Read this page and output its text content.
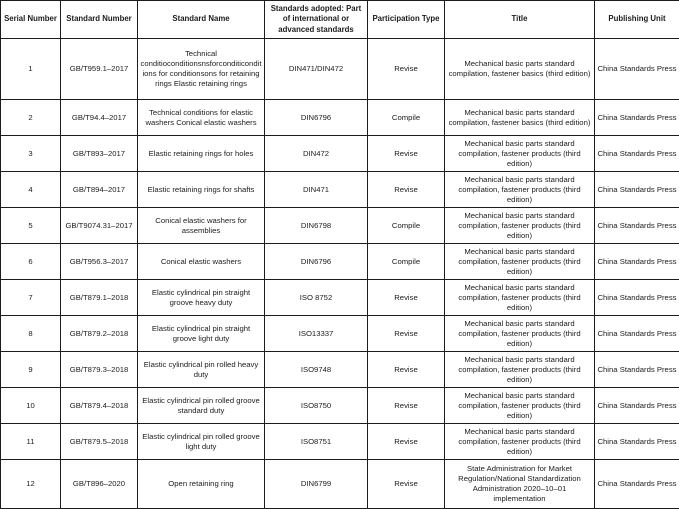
Serial Number	Standard Number	Standard Name	Standards adopted: Part of international or advanced standards	Participation Type	Title	Publishing Unit
1	GB/T959.1–2017	Technical conditioconditionsnsforconditiconditions for conditionsons for retaining rings Elastic retaining rings	DIN471/DIN472	Revise	Mechanical basic parts standard compilation, fastener basics (third edition)	China Standards Press
2	GB/T94.4–2017	Technical conditions for elastic washers Conical elastic washers	DIN6796	Compile	Mechanical basic parts standard compilation, fastener basics (third edition)	China Standards Press
3	GB/T893–2017	Elastic retaining rings for holes	DIN472	Revise	Mechanical basic parts standard compilation, fastener products (third edition)	China Standards Press
4	GB/T894–2017	Elastic retaining rings for shafts	DIN471	Revise	Mechanical basic parts standard compilation, fastener products (third edition)	China Standards Press
5	GB/T9074.31–2017	Conical elastic washers for assemblies	DIN6798	Compile	Mechanical basic parts standard compilation, fastener products (third edition)	China Standards Press
6	GB/T956.3–2017	Conical elastic washers	DIN6796	Compile	Mechanical basic parts standard compilation, fastener products (third edition)	China Standards Press
7	GB/T879.1–2018	Elastic cylindrical pin straight groove heavy duty	ISO 8752	Revise	Mechanical basic parts standard compilation, fastener products (third edition)	China Standards Press
8	GB/T879.2–2018	Elastic cylindrical pin straight groove light duty	ISO13337	Revise	Mechanical basic parts standard compilation, fastener products (third edition)	China Standards Press
9	GB/T879.3–2018	Elastic cylindrical pin rolled heavy duty	ISO9748	Revise	Mechanical basic parts standard compilation, fastener products (third edition)	China Standards Press
10	GB/T879.4–2018	Elastic cylindrical pin rolled groove standard duty	ISO8750	Revise	Mechanical basic parts standard compilation, fastener products (third edition)	China Standards Press
11	GB/T879.5–2018	Elastic cylindrical pin rolled groove light duty	ISO8751	Revise	Mechanical basic parts standard compilation, fastener products (third edition)	China Standards Press
12	GB/T896–2020	Open retaining ring	DIN6799	Revise	State Administration for Market Regulation/National Standardization Administration 2020–10–01 implementation	China Standards Press
